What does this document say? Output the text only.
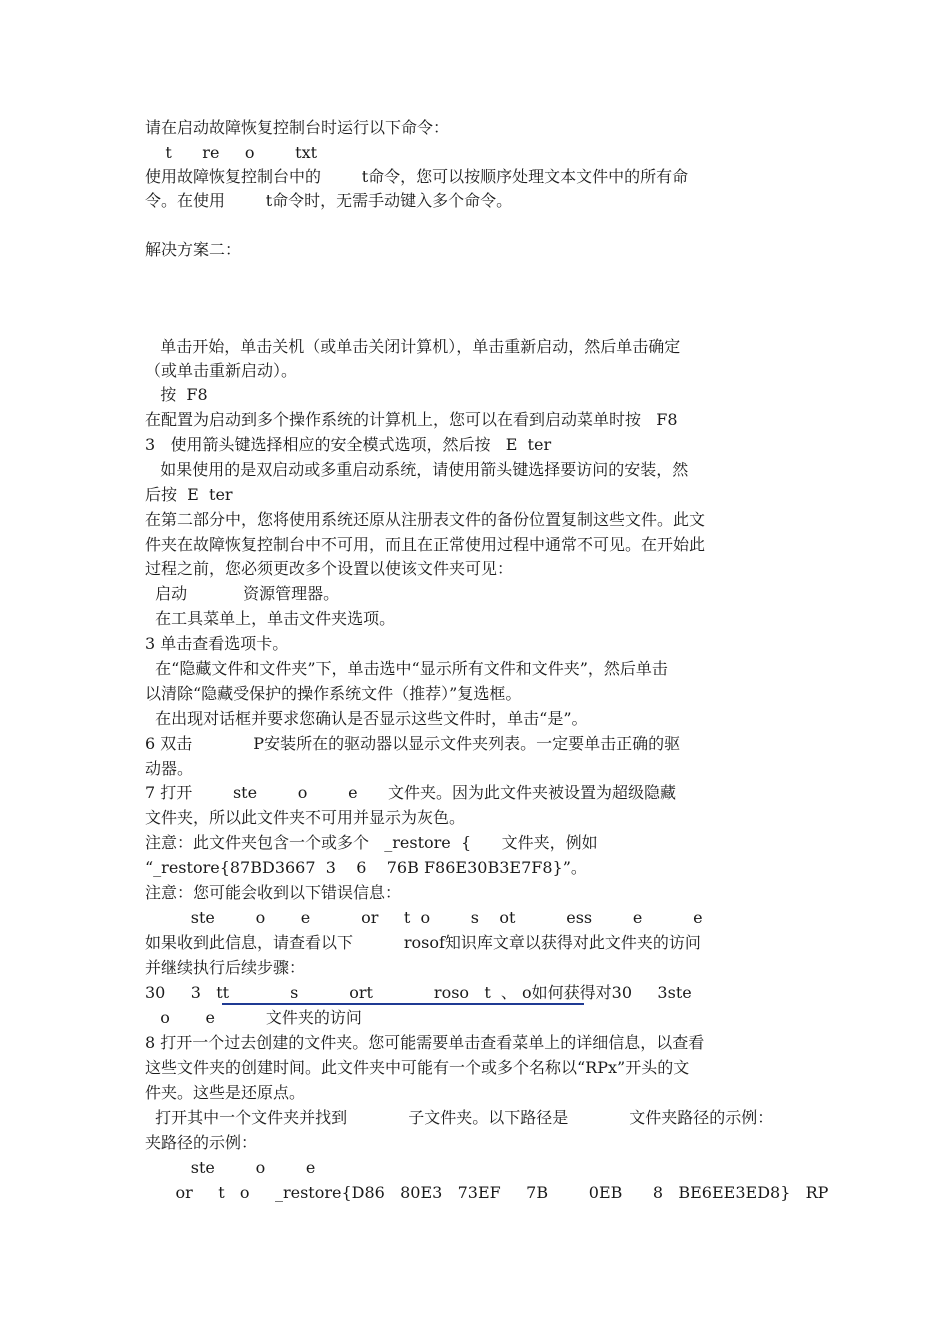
请在启动故障恢复控制台时运行以下命令：
t      re     o        txt
使用故障恢复控制台中的        t命令，您可以按顺序处理文本文件中的所有命
令。在使用        t命令时，无需手动键入多个命令。
解决方案二：
单击开始，单击关机（或单击关闭计算机），单击重新启动，然后单击确定
（或单击重新启动）。
按  F8
在配置为启动到多个操作系统的计算机上，您可以在看到启动菜单时按   F8
3   使用箭头键选择相应的安全模式选项，然后按   E  ter
如果使用的是双启动或多重启动系统，请使用箭头键选择要访问的安装，然
后按  E  ter
在第二部分中，您将使用系统还原从注册表文件的备份位置复制这些文件。此文
件夹在故障恢复控制台中不可用，而且在正常使用过程中通常不可见。在开始此
过程之前，您必须更改多个设置以使该文件夹可见：
启动           资源管理器。
在工具菜单上，单击文件夹选项。
3 单击查看选项卡。
在“隐藏文件和文件夹”下，单击选中“显示所有文件和文件夹”，然后单击
以清除“隐藏受保护的操作系统文件（推荐）”复选框。
在出现对话框并要求您确认是否显示这些文件时，单击“是”。
6 双击            P安装所在的驱动器以显示文件夹列表。一定要单击正确的驱
动器。
7 打开        ste        o        e      文件夹。因为此文件夹被设置为超级隐藏
文件夹，所以此文件夹不可用并显示为灰色。
注意：此文件夹包含一个或多个   _restore  {      文件夹，例如
“_restore{87BD3667  3    6    76B F86E30B3E7F8}”。
注意：您可能会收到以下错误信息：
ste        o       e          or     t  o        s    ot          ess        e          e
如果收到此信息，请查看以下          rosof知识库文章以获得对此文件夹的访问
并继续执行后续步骤：
30     3   tt            s          ort            roso   t  、 o如何获得对30     3ste
o       e          文件夹的访问
8 打开一个过去创建的文件夹。您可能需要单击查看菜单上的详细信息，以查看
这些文件夹的创建时间。此文件夹中可能有一个或多个名称以“RPx”开头的文
件夹。这些是还原点。
打开其中一个文件夹并找到            子文件夹。以下路径是            文件夹路径的示例：
夹路径的示例：
ste        o        e
or     t   o     _restore{D86   80E3   73EF     7B        0EB      8   BE6EE3ED8}   RP
